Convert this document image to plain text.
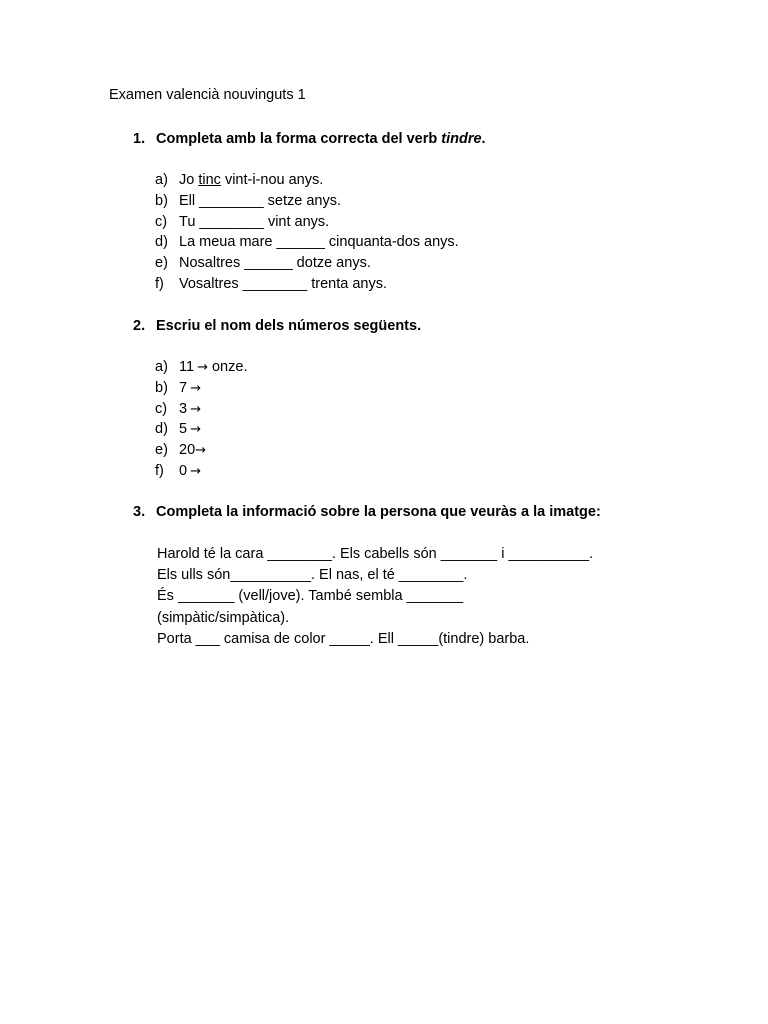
Examen valencià nouvinguts 1
1. Completa amb la forma correcta del verb tindre.
a) Jo tinc vint-i-nou anys.
b) Ell ________ setze anys.
c) Tu ________ vint anys.
d) La meua mare ______ cinquanta-dos anys.
e) Nosaltres ______ dotze anys.
f) Vosaltres ________ trenta anys.
2. Escriu el nom dels números següents.
a) 11 → onze.
b) 7 →
c) 3 →
d) 5 →
e) 20→
f) 0 →
3. Completa la informació sobre la persona que veuràs a la imatge:
Harold té la cara ________. Els cabells són _______ i __________.
Els ulls són__________. El nas, el té ________.
És _______ (vell/jove). També sembla _______
(simpàtic/simpàtica).
Porta ___ camisa de color _____. Ell _____(tindre) barba.
